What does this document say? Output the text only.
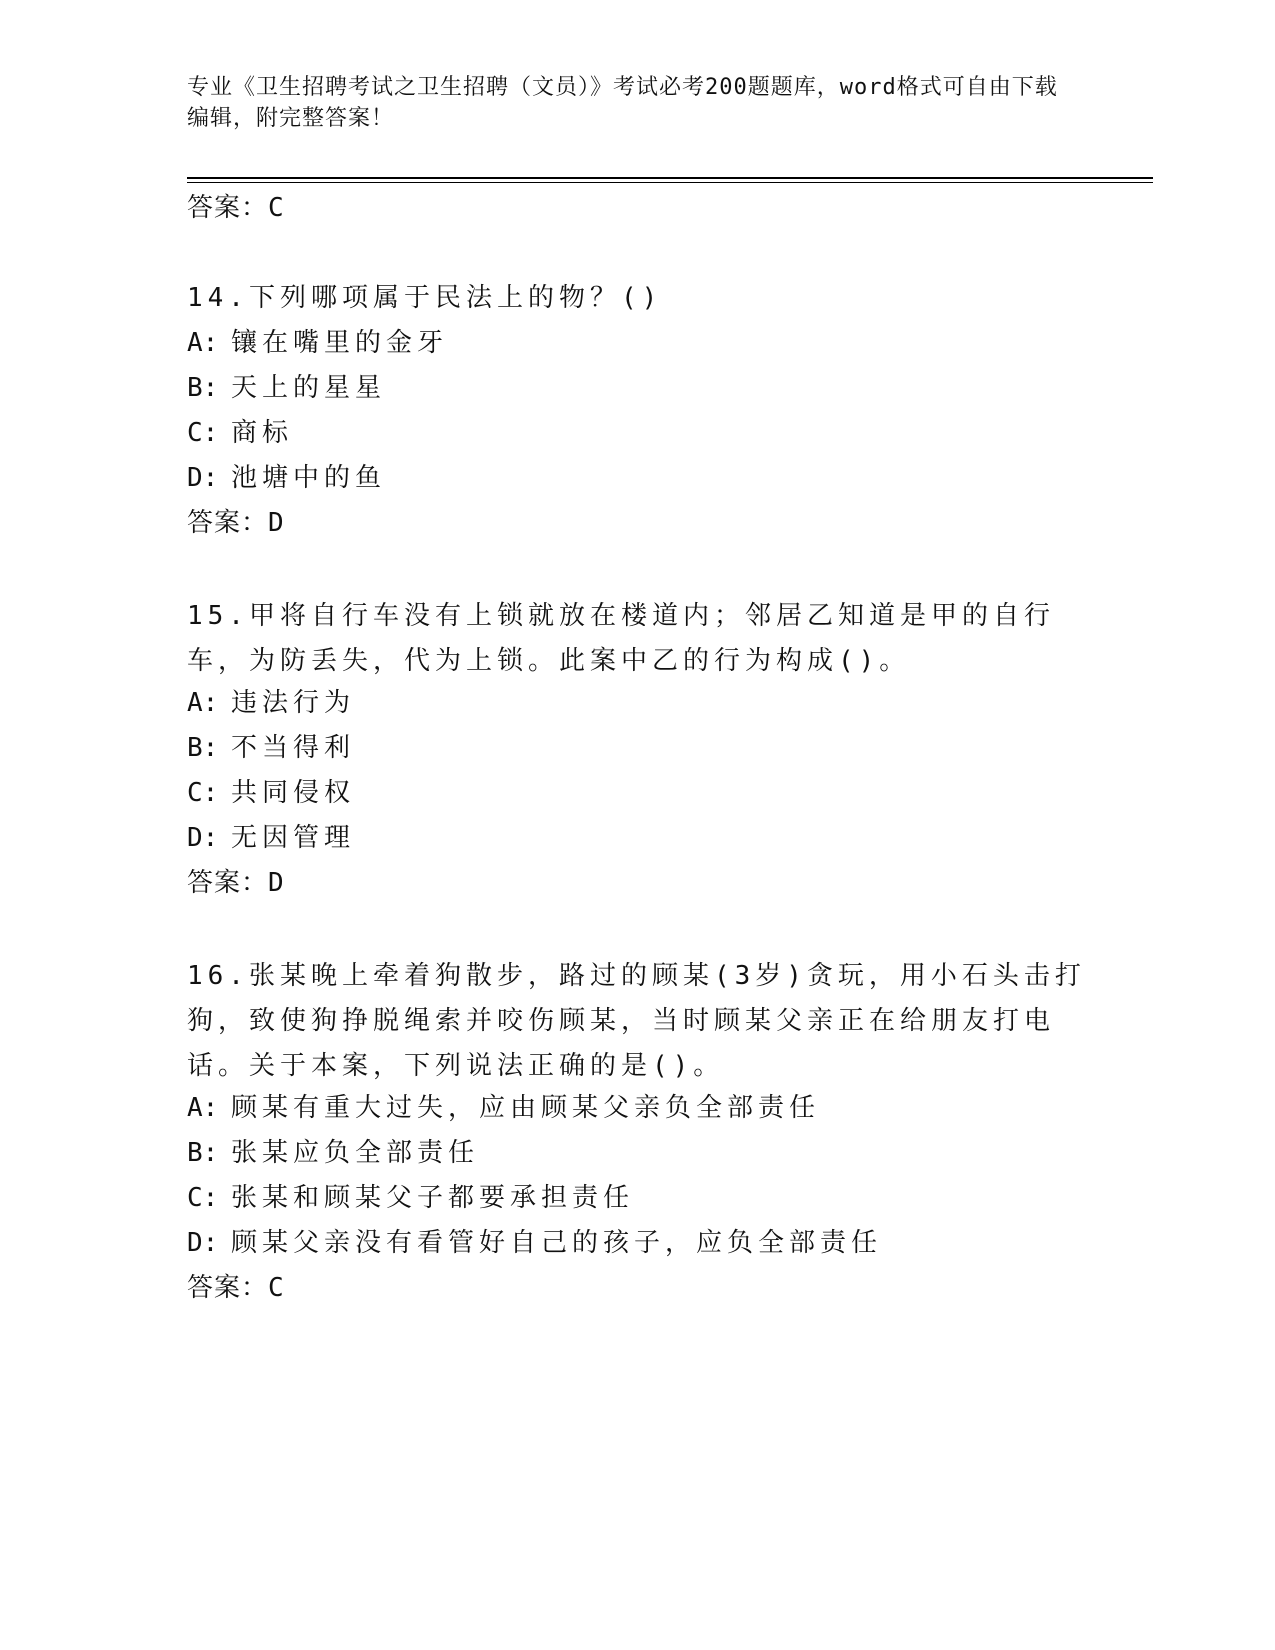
专业《卫生招聘考试之卫生招聘（文员）》考试必考200题题库，word格式可自由下载编辑，附完整答案！
答案：C
14.下列哪项属于民法上的物？()
A: 镶在嘴里的金牙
B: 天上的星星
C: 商标
D: 池塘中的鱼
答案：D
15.甲将自行车没有上锁就放在楼道内；邻居乙知道是甲的自行车，为防丢失，代为上锁。此案中乙的行为构成()。
A: 违法行为
B: 不当得利
C: 共同侵权
D: 无因管理
答案：D
16.张某晚上牵着狗散步，路过的顾某(3岁)贪玩，用小石头击打狗，致使狗挣脱绳索并咬伤顾某，当时顾某父亲正在给朋友打电话。关于本案，下列说法正确的是()。
A: 顾某有重大过失，应由顾某父亲负全部责任
B: 张某应负全部责任
C: 张某和顾某父子都要承担责任
D: 顾某父亲没有看管好自己的孩子，应负全部责任
答案：C
